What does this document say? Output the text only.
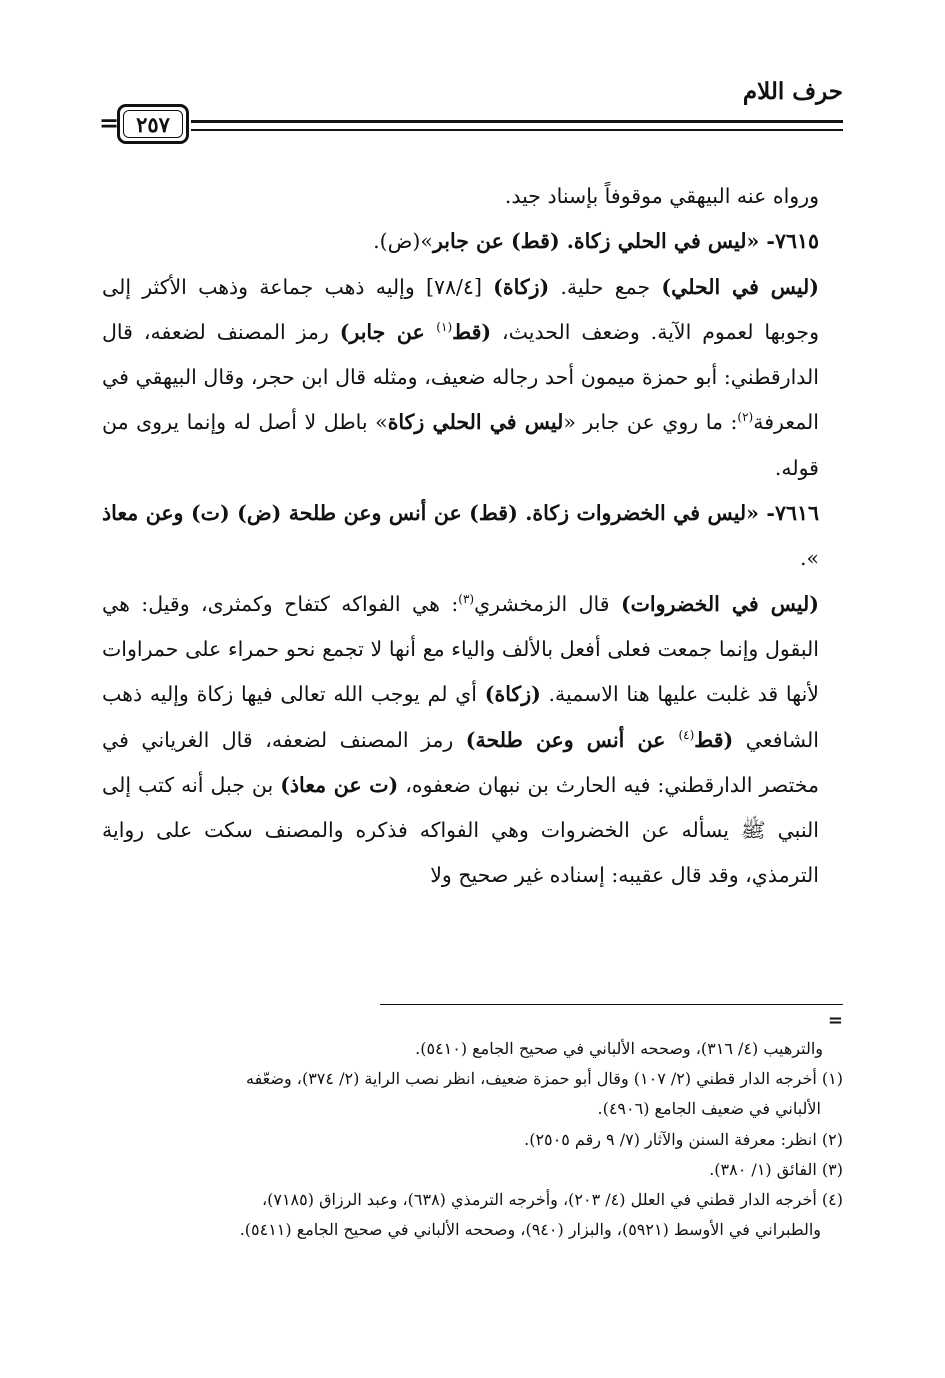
حرف اللام
٢٥٧
=

ورواه عنه البيهقي موقوفاً بإسناد جيد.

٧٦١٥- «ليس في الحلي زكاة. (قط) عن جابر»(ض).

(ليس في الحلي) جمع حلية. (زكاة) [٧٨/٤] وإليه ذهب جماعة وذهب الأكثر إلى وجوبها لعموم الآية. وضعف الحديث، (قط$^{(١)}$ عن جابر) رمز المصنف لضعفه، قال الدارقطني: أبو حمزة ميمون أحد رجاله ضعيف، ومثله قال ابن حجر، وقال البيهقي في المعرفة$^{(٢)}$: ما روي عن جابر «ليس في الحلي زكاة» باطل لا أصل له وإنما يروى من قوله.

٧٦١٦- «ليس في الخضروات زكاة. (قط) عن أنس وعن طلحة (ض) (ت) وعن معاذ ».

(ليس في الخضروات) قال الزمخشري$^{(٣)}$: هي الفواكه كتفاح وكمثرى، وقيل: هي البقول وإنما جمعت فعلى أفعل بالألف والياء مع أنها لا تجمع نحو حمراء على حمراوات لأنها قد غلبت عليها هنا الاسمية. (زكاة) أي لم يوجب الله تعالى فيها زكاة وإليه ذهب الشافعي (قط$^{(٤)}$ عن أنس وعن طلحة) رمز المصنف لضعفه، قال الغرياني في مختصر الدارقطني: فيه الحارث بن نبهان ضعفوه، (ت عن معاذ) بن جبل أنه كتب إلى النبي ﷺ يسأله عن الخضروات وهي الفواكه فذكره والمصنف سكت على رواية الترمذي، وقد قال عقيبه: إسناده غير صحيح ولا

=

والترهيب (٤/ ٣١٦)، وصححه الألباني في صحيح الجامع (٥٤١٠).

(١) أخرجه الدار قطني (٢/ ١٠٧) وقال أبو حمزة ضعيف، انظر نصب الراية (٢/ ٣٧٤)، وضعّفه

الألباني في ضعيف الجامع (٤٩٠٦).

(٢) انظر: معرفة السنن والآثار (٧/ ٩ رقم ٢٥٠٥).

(٣) الفائق (١/ ٣٨٠).

(٤) أخرجه الدار قطني في العلل (٤/ ٢٠٣)، وأخرجه الترمذي (٦٣٨)، وعبد الرزاق (٧١٨٥)،

والطبراني في الأوسط (٥٩٢١)، والبزار (٩٤٠)، وصححه الألباني في صحيح الجامع (٥٤١١).
